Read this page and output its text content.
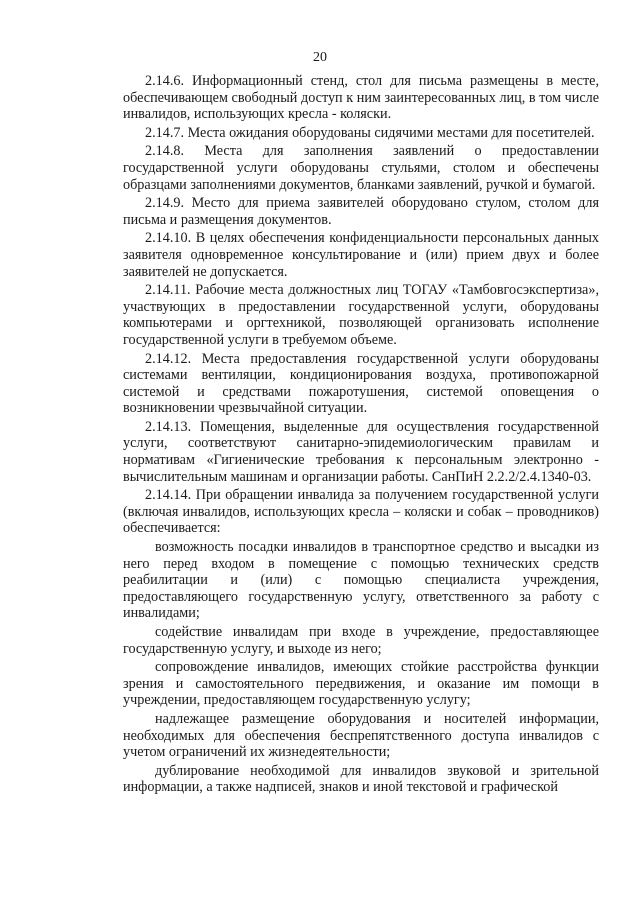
20

2.14.6. Информационный стенд, стол для письма размещены в месте, обеспечивающем свободный доступ к ним заинтересованных лиц, в том числе инвалидов, использующих кресла - коляски.

2.14.7. Места ожидания оборудованы сидячими местами для посетителей.

2.14.8. Места для заполнения заявлений о предоставлении государственной услуги оборудованы стульями, столом и обеспечены образцами заполнениями документов, бланками заявлений, ручкой и бумагой.

2.14.9. Место для приема заявителей оборудовано стулом, столом для письма и размещения документов.

2.14.10. В целях обеспечения конфиденциальности персональных данных заявителя одновременное консультирование и (или) прием двух и более заявителей не допускается.

2.14.11. Рабочие места должностных лиц ТОГАУ «Тамбовгосэкспертиза», участвующих в предоставлении государственной услуги, оборудованы компьютерами и оргтехникой, позволяющей организовать исполнение государственной услуги в требуемом объеме.

2.14.12. Места предоставления государственной услуги оборудованы системами вентиляции, кондиционирования воздуха, противопожарной системой и средствами пожаротушения, системой оповещения о возникновении чрезвычайной ситуации.

2.14.13. Помещения, выделенные для осуществления государственной услуги, соответствуют санитарно-эпидемиологическим правилам и нормативам «Гигиенические требования к персональным электронно - вычислительным машинам и организации работы. СанПиН 2.2.2/2.4.1340-03.

2.14.14. При обращении инвалида за получением государственной услуги (включая инвалидов, использующих кресла – коляски и собак – проводников) обеспечивается:

возможность посадки инвалидов в транспортное средство и высадки из него перед входом в помещение с помощью технических средств реабилитации и (или) с помощью специалиста учреждения, предоставляющего государственную услугу, ответственного за работу с инвалидами;

содействие инвалидам при входе в учреждение, предоставляющее государственную услугу, и выходе из него;

сопровождение инвалидов, имеющих стойкие расстройства функции зрения и самостоятельного передвижения, и оказание им помощи в учреждении, предоставляющем государственную услугу;

надлежащее размещение оборудования и носителей информации, необходимых для обеспечения беспрепятственного доступа инвалидов с учетом ограничений их жизнедеятельности;

дублирование необходимой для инвалидов звуковой и зрительной информации, а также надписей, знаков и иной текстовой и графической
